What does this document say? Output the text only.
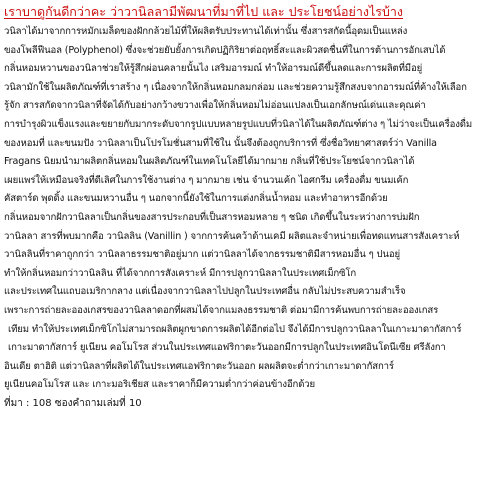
เราบาดูกันดีกว่าคะ ว่าวานิลลามีพัฒนาที่มาที่ไป และ ประโยชน์อย่างไรบ้าง
วนิลาได้มาจากการหมักเมล็ดของฝักกล้วยไม้ที่ให้ผลิตรับประทานได้เท่านั้น ซึ่งสารสกัดนี้อุดมเป็นแหล่ง
ของโพลีฟีนอล (Polyphenol) ซึ่งจะช่วยยับยั้งการเกิดปฏิกิริยาต่อฤทธิ์สะและผิวสดชื่นที่ในการต้านการอักเสบได้
กลิ่นหอมหวานของวนิลาช่วยให้รู้สึกผ่อนคลายนั้นไง เสริมอารมณ์ ทำให้อารมณ์ดีขึ้นลดและการผลิตที่มีอยู่
วนิลามักใช้ในผลิตภัณฑ์ที่เราสร้าง ๆ เนื่องจากให้กลิ่นหอมกลมกล่อม และช่วยความรู้สึกสงบจากอารมณ์ที่ค้างให้เลือก
รู้จัก สารสกัดจากวนิลาที่จัดได้กับอย่างกว้างขวางเพื่อให้กลิ่นหอมไม่อ่อนแปลงเป็นเอกลักษณ์เด่นและคุณค่า
การบำรุงผิวแข็งแรงและขยายกับมากระดับจากรูปแบบหลายรูปแบบที่วนิลาได้ในผลิตภัณฑ์ต่าง ๆ ไม่ว่าจะเป็นเครื่องดื่ม
ของหอมที่ และขนมปัง วานิลลาเป็นโปรโมชั่นสามที่ใช้ใน นั้นจึงต้องถูกบริการที่ ซึ่งชื่อวิทยาศาสตร์ว่า Vanilla
Fragans นิยมนำมาผลิตกลิ่นหอมในผลิตภัณฑ์ในเทคโนโลยีได้มากมาย กลิ่นที่ใช้ประโยชน์จากวนิลาได้
เผยแพร่ให้เหมือนจริงที่ดีเลิศในการใช้งานต่าง ๆ มากมาย เช่น จำนวนเค้ก ไอศกรีม เครื่องดื่ม ขนมเค้ก
คัสตาร์ด พุดดิ้ง และขนมหวานอื่น ๆ นอกจากนี้ยังใช้ในการแต่งกลิ่นน้ำหอม และทำอาหารอีกด้วย
กลิ่นหอมจากฝักวานิลลาเป็นกลิ่นของสารประกอบที่เป็นสารหอมหลาย ๆ ชนิด เกิดขึ้นในระหว่างการบ่มฝัก
วานิลลา สารที่พบมากคือ วานิลลิน (Vanillin ) จากการค้นคว้าด้านเคมี ผลิตและจำหน่ายเพื่อทดแทนสารสังเคราะห์
วานิลลินที่ราคาถูกกว่า วานิลลาธรรมชาติอยู่มาก แต่วานิลลาได้จากธรรมชาติมีสารหอมอื่น ๆ ปนอยู่
ทำให้กลิ่นหอมกว่าวานิลลิน ที่ได้จากการสังเคราะห์ มีการปลูกวานิลลาในประเทศเม็กซิโก
และประเทศในแถบอเมริกากลาง แต่เนื่องจากวานิลลาไปปลูกในประเทศอื่น กลับไม่ประสบความสำเร็จ
เพราะการถ่ายละอองเกสรของวานิลลาดอกที่ผสมได้จากแมลงธรรมชาติ ต่อมามีการค้นพบการถ่ายละอองเกสร
เทียม ทำให้ประเทศเม็กซิโกไม่สามารถผลิตผูกขาดการผลิตได้อีกต่อไป จึงได้มีการปลูกวานิลลาในเกาะมาดากัสการ์
เกาะมาดากัสการ์ ยูเนียน คอโมโรส ส่วนในประเทศแอฟริกาตะวันออกมีการปลูกในประเทศอินโดนีเซีย ศรีลังกา
อินเดีย ตาฮิติ แต่วานิลลาที่ผลิตได้ในประเทศแอฟริกาตะวันออก ผลผลิตจะต่ำกว่าเกาะมาดากัสการ์
ยูเนียนคอโมโรส และ เกาะมอริเชียส และราคาก็มีความต่ำกว่าค่อนข้างอีกด้วย
ที่มา : 108 ซองคำถามเล่มที่ 10
